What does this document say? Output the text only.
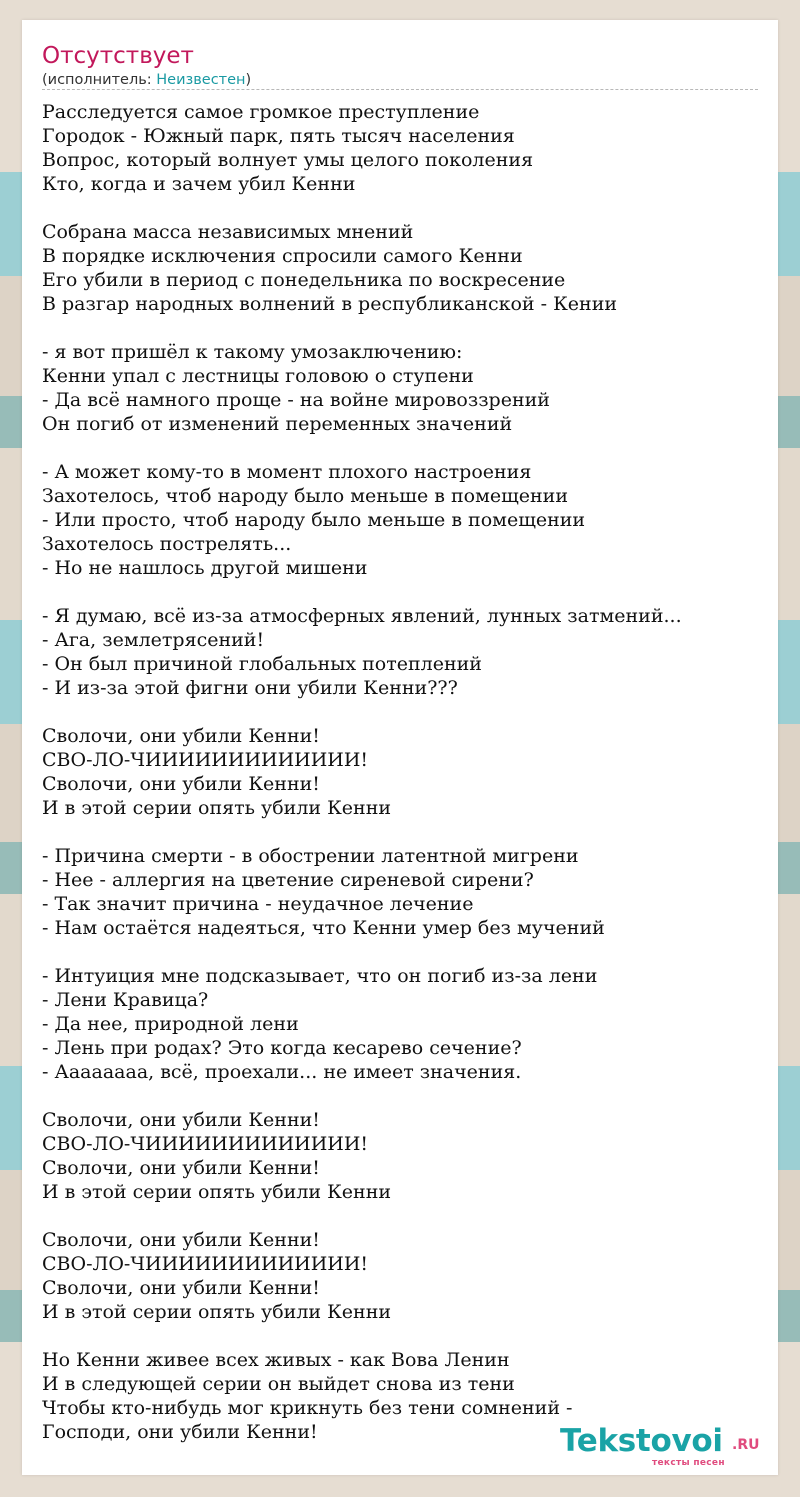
Отсутствует
(исполнитель: Неизвестен)
Расследуется самое громкое преступление
Городок - Южный парк, пять тысяч населения
Вопрос, который волнует умы целого поколения
Кто, когда и зачем убил Кенни
Собрана масса независимых мнений
В порядке исключения спросили самого Кенни
Его убили в период с понедельника по воскресение
В разгар народных волнений в республиканской - Кении
- я вот пришёл к такому умозаключению:
Кенни упал с лестницы головою о ступени
- Да всё намного проще - на войне мировоззрений
Он погиб от изменений переменных значений
- А может кому-то в момент плохого настроения
Захотелось, чтоб народу было меньше в помещении
- Или просто, чтоб народу было меньше в помещении
Захотелось пострелять...
- Но не нашлось другой мишени
- Я думаю, всё из-за атмосферных явлений, лунных затмений...
- Ага, землетрясений!
- Он был причиной глобальных потеплений
- И из-за этой фигни они убили Кенни???
Сволочи, они убили Кенни!
СВО-ЛО-ЧИИИИИИИИИИИИИ!
Сволочи, они убили Кенни!
И в этой серии опять убили Кенни
- Причина смерти - в обострении латентной мигрени
- Нее - аллергия на цветение сиреневой сирени?
- Так значит причина - неудачное лечение
- Нам остаётся надеяться, что Кенни умер без мучений
- Интуиция мне подсказывает, что он погиб из-за лени
- Лени Кравица?
- Да нее, природной лени
- Лень при родах? Это когда кесарево сечение?
- Аааааааа, всё, проехали... не имеет значения.
Сволочи, они убили Кенни!
СВО-ЛО-ЧИИИИИИИИИИИИИ!
Сволочи, они убили Кенни!
И в этой серии опять убили Кенни
Сволочи, они убили Кенни!
СВО-ЛО-ЧИИИИИИИИИИИИИ!
Сволочи, они убили Кенни!
И в этой серии опять убили Кенни
Но Кенни живее всех живых - как Вова Ленин
И в следующей серии он выйдет снова из тени
Чтобы кто-нибудь мог крикнуть без тени сомнений -
Господи, они убили Кенни!	Tekstovoi .RU
тексты песен
